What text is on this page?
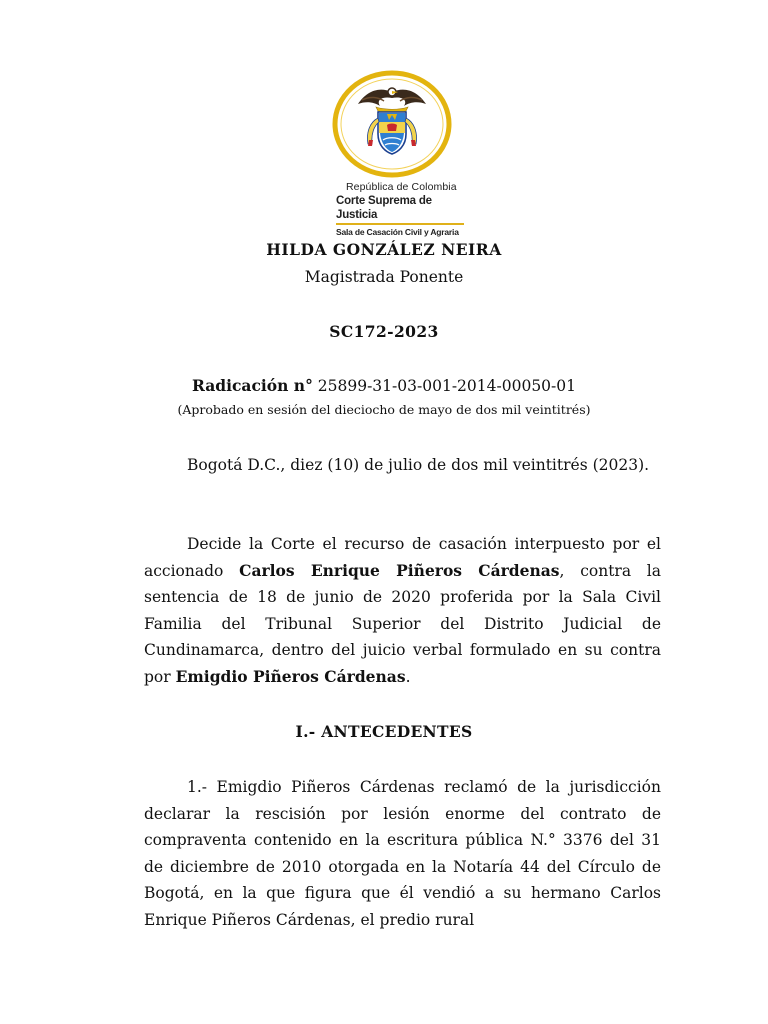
República de Colombia
Corte Suprema de Justicia
Sala de Casación Civil y Agraria
HILDA GONZÁLEZ NEIRA
Magistrada Ponente
SC172-2023
Radicación n° 25899-31-03-001-2014-00050-01
(Aprobado en sesión del dieciocho de mayo de dos mil veintitrés)
Bogotá D.C., diez (10) de julio de dos mil veintitrés (2023).
Decide la Corte el recurso de casación interpuesto por el accionado Carlos Enrique Piñeros Cárdenas, contra la sentencia de 18 de junio de 2020 proferida por la Sala Civil Familia del Tribunal Superior del Distrito Judicial de Cundinamarca, dentro del juicio verbal formulado en su contra por Emigdio Piñeros Cárdenas.
I.- ANTECEDENTES
1.- Emigdio Piñeros Cárdenas reclamó de la jurisdicción declarar la rescisión por lesión enorme del contrato de compraventa contenido en la escritura pública N.° 3376 del 31 de diciembre de 2010 otorgada en la Notaría 44 del Círculo de Bogotá, en la que figura que él vendió a su hermano Carlos Enrique Piñeros Cárdenas, el predio rural
